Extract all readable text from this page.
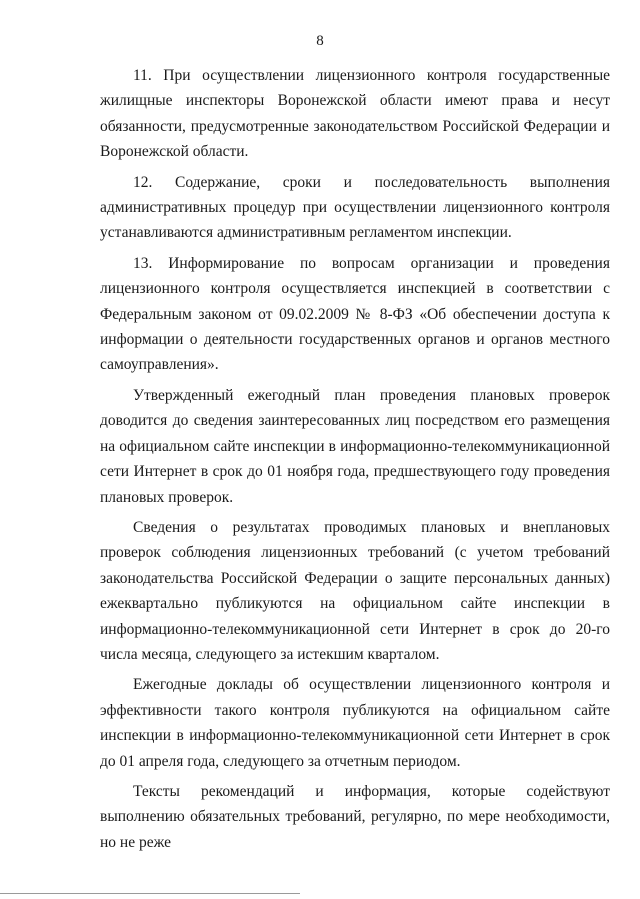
8

11. При осуществлении лицензионного контроля государственные жилищные инспекторы Воронежской области имеют права и несут обязанности, предусмотренные законодательством Российской Федерации и Воронежской области.

12. Содержание, сроки и последовательность выполнения административных процедур при осуществлении лицензионного контроля устанавливаются административным регламентом инспекции.

13. Информирование по вопросам организации и проведения лицензионного контроля осуществляется инспекцией в соответствии с Федеральным законом от 09.02.2009 № 8-ФЗ «Об обеспечении доступа к информации о деятельности государственных органов и органов местного самоуправления».

Утвержденный ежегодный план проведения плановых проверок доводится до сведения заинтересованных лиц посредством его размещения на официальном сайте инспекции в информационно-телекоммуникационной сети Интернет в срок до 01 ноября года, предшествующего году проведения плановых проверок.

Сведения о результатах проводимых плановых и внеплановых проверок соблюдения лицензионных требований (с учетом требований законодательства Российской Федерации о защите персональных данных) ежеквартально публикуются на официальном сайте инспекции в информационно-телекоммуникационной сети Интернет в срок до 20-го числа месяца, следующего за истекшим кварталом.

Ежегодные доклады об осуществлении лицензионного контроля и эффективности такого контроля публикуются на официальном сайте инспекции в информационно-телекоммуникационной сети Интернет в срок до 01 апреля года, следующего за отчетным периодом.

Тексты рекомендаций и информация, которые содействуют выполнению обязательных требований, регулярно, по мере необходимости, но не реже
